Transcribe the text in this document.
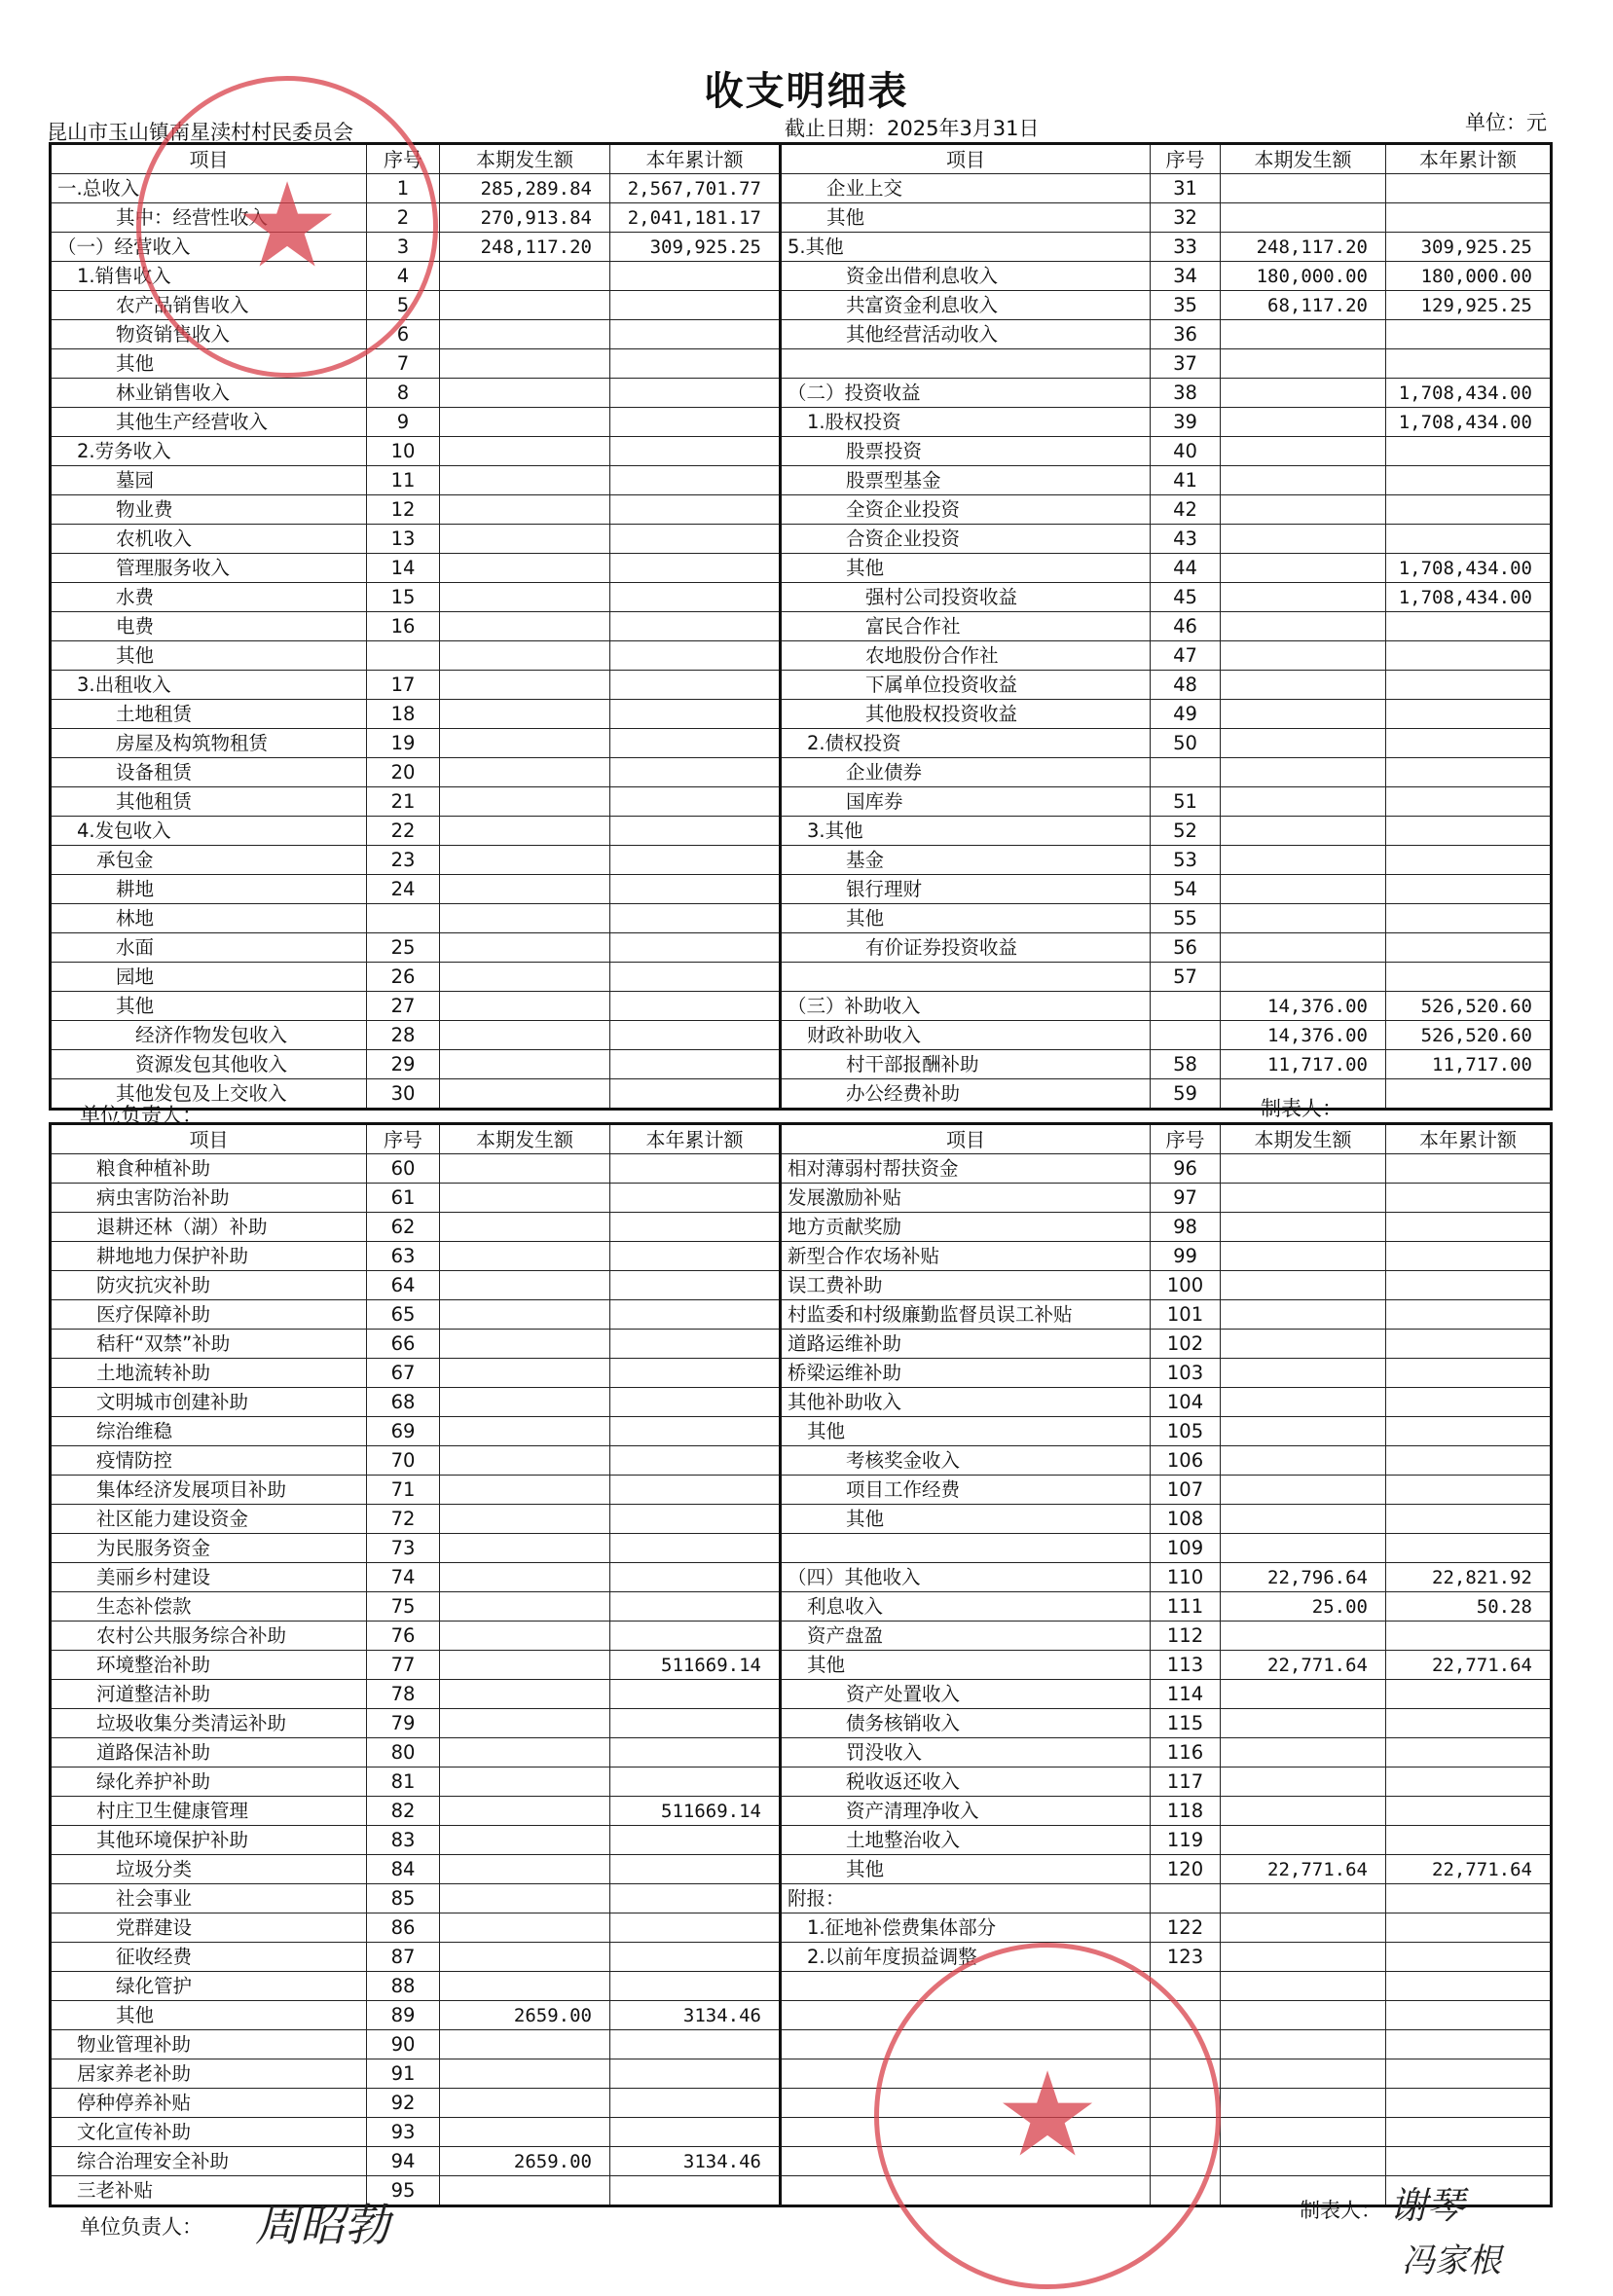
收支明细表
昆山市玉山镇南星渎村村民委员会	截止日期：2025年3月31日	单位：元
项目	序号	本期发生额	本年累计额	项目	序号	本期发生额	本年累计额
一.总收入	1	285,289.84	2,567,701.77	企业上交	31		
其中：经营性收入	2	270,913.84	2,041,181.17	其他	32		
（一）经营收入	3	248,117.20	309,925.25	5.其他	33	248,117.20	309,925.25
1.销售收入	4			资金出借利息收入	34	180,000.00	180,000.00
农产品销售收入	5			共富资金利息收入	35	68,117.20	129,925.25
物资销售收入	6			其他经营活动收入	36		
其他	7				37		
林业销售收入	8			（二）投资收益	38		1,708,434.00
其他生产经营收入	9			1.股权投资	39		1,708,434.00
2.劳务收入	10			股票投资	40		
墓园	11			股票型基金	41		
物业费	12			全资企业投资	42		
农机收入	13			合资企业投资	43		
管理服务收入	14			其他	44		1,708,434.00
水费	15			强村公司投资收益	45		1,708,434.00
电费	16			富民合作社	46		
其他				农地股份合作社	47		
3.出租收入	17			下属单位投资收益	48		
土地租赁	18			其他股权投资收益	49		
房屋及构筑物租赁	19			2.债权投资	50		
设备租赁	20			企业债券			
其他租赁	21			国库券	51		
4.发包收入	22			3.其他	52		
承包金	23			基金	53		
耕地	24			银行理财	54		
林地				其他	55		
水面	25			有价证券投资收益	56		
园地	26				57		
其他	27			（三）补助收入		14,376.00	526,520.60
经济作物发包收入	28			财政补助收入		14,376.00	526,520.60
资源发包其他收入	29			村干部报酬补助	58	11,717.00	11,717.00
其他发包及上交收入	30			办公经费补助	59		
单位负责人：	制表人：
项目	序号	本期发生额	本年累计额	项目	序号	本期发生额	本年累计额
粮食种植补助	60			相对薄弱村帮扶资金	96		
病虫害防治补助	61			发展激励补贴	97		
退耕还林（湖）补助	62			地方贡献奖励	98		
耕地地力保护补助	63			新型合作农场补贴	99		
防灾抗灾补助	64			误工费补助	100		
医疗保障补助	65			村监委和村级廉勤监督员误工补贴	101		
秸秆“双禁”补助	66			道路运维补助	102		
土地流转补助	67			桥梁运维补助	103		
文明城市创建补助	68			其他补助收入	104		
综治维稳	69			其他	105		
疫情防控	70			考核奖金收入	106		
集体经济发展项目补助	71			项目工作经费	107		
社区能力建设资金	72			其他	108		
为民服务资金	73				109		
美丽乡村建设	74			（四）其他收入	110	22,796.64	22,821.92
生态补偿款	75			利息收入	111	25.00	50.28
农村公共服务综合补助	76			资产盘盈	112		
环境整治补助	77		511669.14	其他	113	22,771.64	22,771.64
河道整洁补助	78			资产处置收入	114		
垃圾收集分类清运补助	79			债务核销收入	115		
道路保洁补助	80			罚没收入	116		
绿化养护补助	81			税收返还收入	117		
村庄卫生健康管理	82		511669.14	资产清理净收入	118		
其他环境保护补助	83			土地整治收入	119		
垃圾分类	84			其他	120	22,771.64	22,771.64
社会事业	85			附报：			
党群建设	86			1.征地补偿费集体部分	122		
征收经费	87			2.以前年度损益调整	123		
绿化管护	88						
其他	89	2659.00	3134.46				
物业管理补助	90						
居家养老补助	91						
停种停养补贴	92						
文化宣传补助	93						
综合治理安全补助	94	2659.00	3134.46				
三老补贴	95						
单位负责人：
制表人：
周昭勃	谢琴
冯家根
★
★
